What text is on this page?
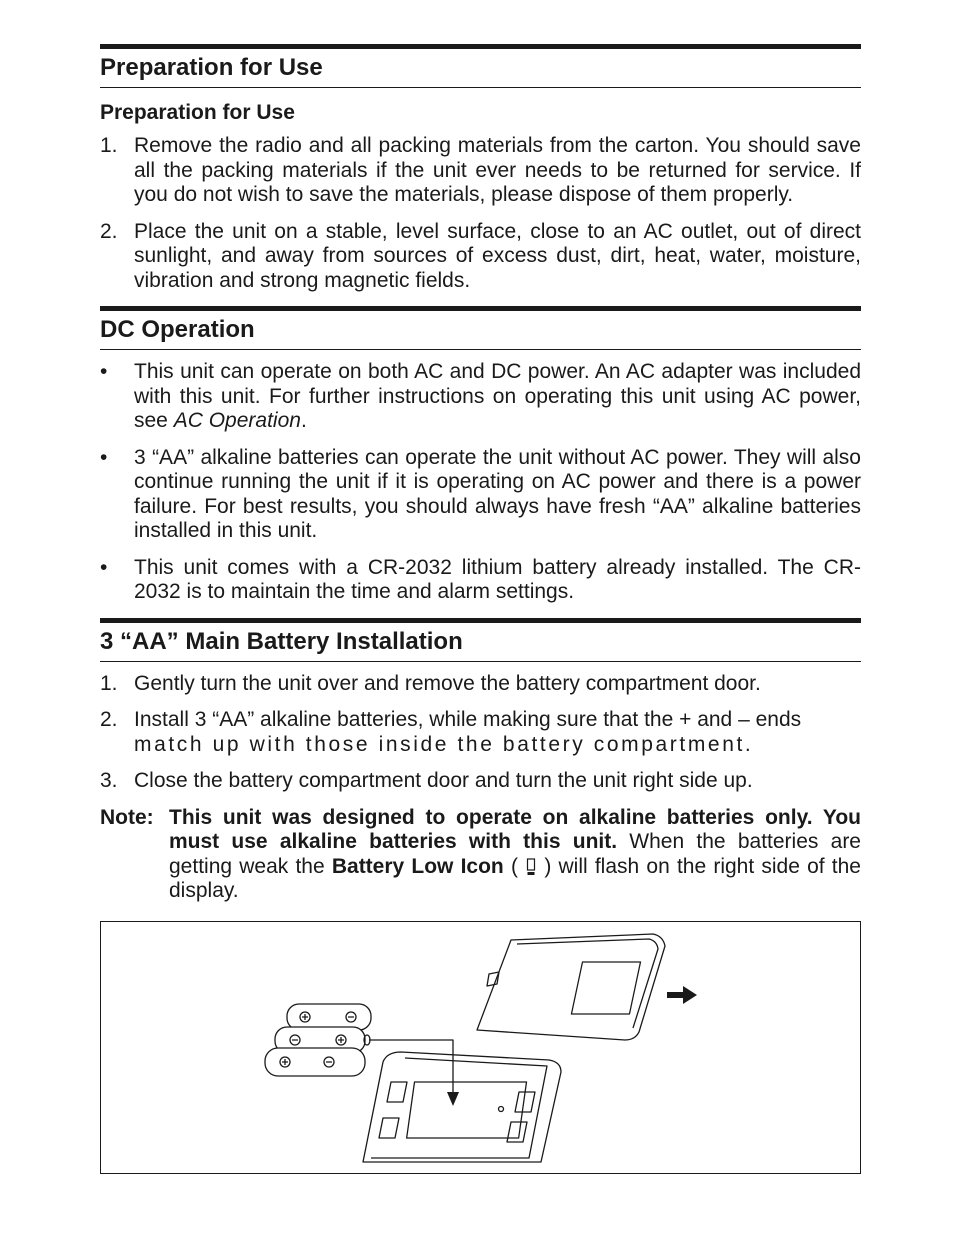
Preparation for Use
Preparation for Use
1. Remove the radio and all packing materials from the carton. You should save all the packing materials if the unit ever needs to be returned for service. If you do not wish to save the materials, please dispose of them properly.
2. Place the unit on a stable, level surface, close to an AC outlet, out of direct sunlight, and away from sources of excess dust, dirt, heat, water, moisture, vibration and strong magnetic fields.
DC Operation
•	This unit can operate on both AC and DC power. An AC adapter was included with this unit. For further instructions on operating this unit using AC power, see AC Operation.
•	3 “AA” alkaline batteries can operate the unit without AC power. They will also continue running the unit if it is operating on AC power and there is a power failure. For best results, you should always have fresh “AA” alkaline batteries installed in this unit.
•	This unit comes with a CR-2032 lithium battery already installed. The CR-2032 is to maintain the time and alarm settings.
3 “AA” Main Battery Installation
1. Gently turn the unit over and remove the battery compartment door.
2. Install 3 “AA” alkaline batteries, while making sure that the + and – ends
match up with those inside the battery compartment.
3. Close the battery compartment door and turn the unit right side up.
Note: This unit was designed to operate on alkaline batteries only. You must use alkaline batteries with this unit. When the batteries are getting weak the Battery Low Icon (  ) will flash on the right side of the display.
